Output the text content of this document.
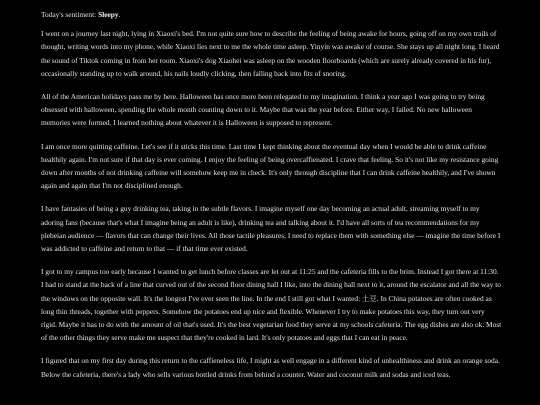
Today's sentiment: Sleepy.

I went on a journey last night, lying in Xiaoxi's bed. I'm not quite sure how to describe the feeling of being awake for hours, going off on my own trails of thought, writing words into my phone, while Xiaoxi lies next to me the whole time asleep. Yinyin was awake of course. She stays up all night long. I heard the sound of Tiktok coming in from her room. Xiaoxi's dog Xiaohei was asleep on the wooden floorboards (which are surely already covered in his fur), occasionally standing up to walk around, his nails loudly clicking, then falling back into fits of snoring.

All of the American holidays pass me by here. Halloween has once more been relegated to my imagination. I think a year ago I was going to try being obsessed with halloween, spending the whole month counting down to it. Maybe that was the year before. Either way, I failed. No new halloween memories were formed. I learned nothing about whatever it is Halloween is supposed to represent.

I am once more quitting caffeine. Let's see if it sticks this time. Last time I kept thinking about the eventual day when I would be able to drink caffeine healthily again. I'm not sure if that day is ever coming. I enjoy the feeling of being overcaffienated. I crave that feeling. So it's not like my resistance going down after months of not drinking caffeine will somehow keep me in check. It's only through discipline that I can drink caffeine healthily, and I've shown again and again that I'm not disciplined enough.

I have fantasies of being a guy drinking tea, taking in the subtle flavors. I imagine myself one day becoming an actual adult, streaming myself to my adoring fans (because that's what I imagine being an adult is like), drinking tea and talking about it. I'd have all sorts of tea recommendations for my plebeian audience — flavors that can change their lives. All those tactile pleasures, I need to replace them with something else — imagine the time before I was addicted to caffeine and return to that — if that time ever existed.

I got to my campus too early because I wanted to get lunch before classes are let out at 11:25 and the cafeteria fills to the brim. Instead I got there at 11:30. I had to stand at the back of a line that curved out of the second floor dining hall I like, into the dining hall next to it, around the escalator and all the way to the windows on the opposite wall. It's the longest I've ever seen the line. In the end I still got what I wanted: 土豆. In China potatoes are often cooked as long thin threads, together with peppers. Somehow the potatoes end up nice and flexible. Whenever I try to make potatoes this way, they turn out very rigid. Maybe it has to do with the amount of oil that's used. It's the best vegetarian food they serve at my schools cafeteria. The egg dishes are also ok. Most of the other things they serve make me suspect that they're cooked in lard. It's only potatoes and eggs that I can eat in peace.

I figured that on my first day during this return to the caffieneless life, I might as well engage in a different kind of unhealthiness and drink an orange soda. Below the cafeteria, there's a lady who sells various bottled drinks from behind a counter. Water and coconut milk and sodas and iced teas.
